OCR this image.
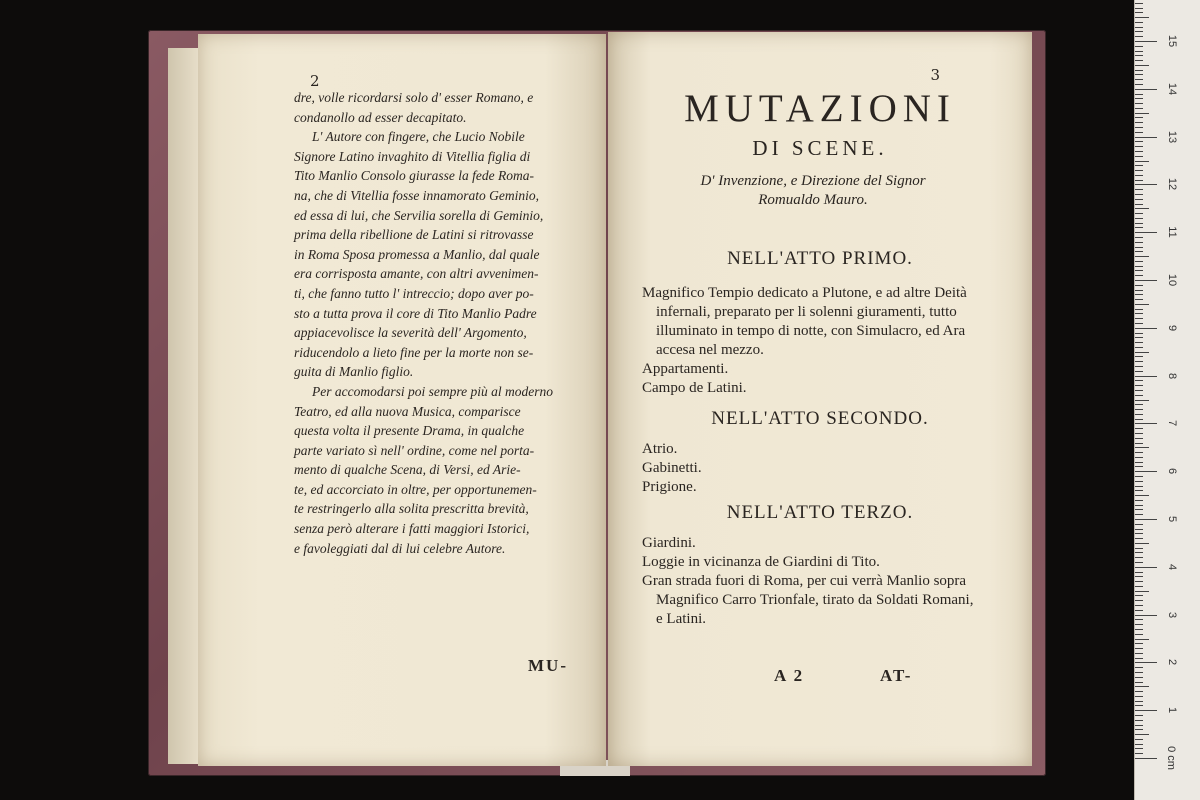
2
dre, volle ricordarsi solo d' esser Romano, e
condanollo ad esser decapitato.
L' Autore con fingere, che Lucio Nobile
Signore Latino invaghito di Vitellia figlia di
Tito Manlio Consolo giurasse la fede Roma-
na, che di Vitellia fosse innamorato Geminio,
ed essa di lui, che Servilia sorella di Geminio,
prima della ribellione de Latini si ritrovasse
in Roma Sposa promessa a Manlio, dal quale
era corrisposta amante, con altri avvenimen-
ti, che fanno tutto l' intreccio; dopo aver po-
sto a tutta prova il core di Tito Manlio Padre
appiacevolisce la severità dell' Argomento,
riducendolo a lieto fine per la morte non se-
guita di Manlio figlio.
Per accomodarsi poi sempre più al moderno
Teatro, ed alla nuova Musica, comparisce
questa volta il presente Drama, in qualche
parte variato sì nell' ordine, come nel porta-
mento di qualche Scena, di Versi, ed Arie-
te, ed accorciato in oltre, per opportunemen-
te restringerlo alla solita prescritta brevità,
senza però alterare i fatti maggiori Istorici,
e favoleggiati dal di lui celebre Autore.
MU-
3
MUTAZIONI
DI SCENE.
D' Invenzione, e Direzione del Signor
Romualdo Mauro.
NELL'ATTO PRIMO.
Magnifico Tempio dedicato a Plutone, e ad altre Deità infernali, preparato per li solenni giuramenti, tutto illuminato in tempo di notte, con Simulacro, ed Ara accesa nel mezzo.
Appartamenti.
Campo de Latini.
NELL'ATTO SECONDO.
Atrio.
Gabinetti.
Prigione.
NELL'ATTO TERZO.
Giardini.
Loggie in vicinanza de Giardini di Tito.
Gran strada fuori di Roma, per cui verrà Manlio sopra Magnifico Carro Trionfale, tirato da Soldati Romani, e Latini.
A 2	AT-
0 cm
1
2
3
4
5
6
7
8
9
10
11
12
13
14
15
